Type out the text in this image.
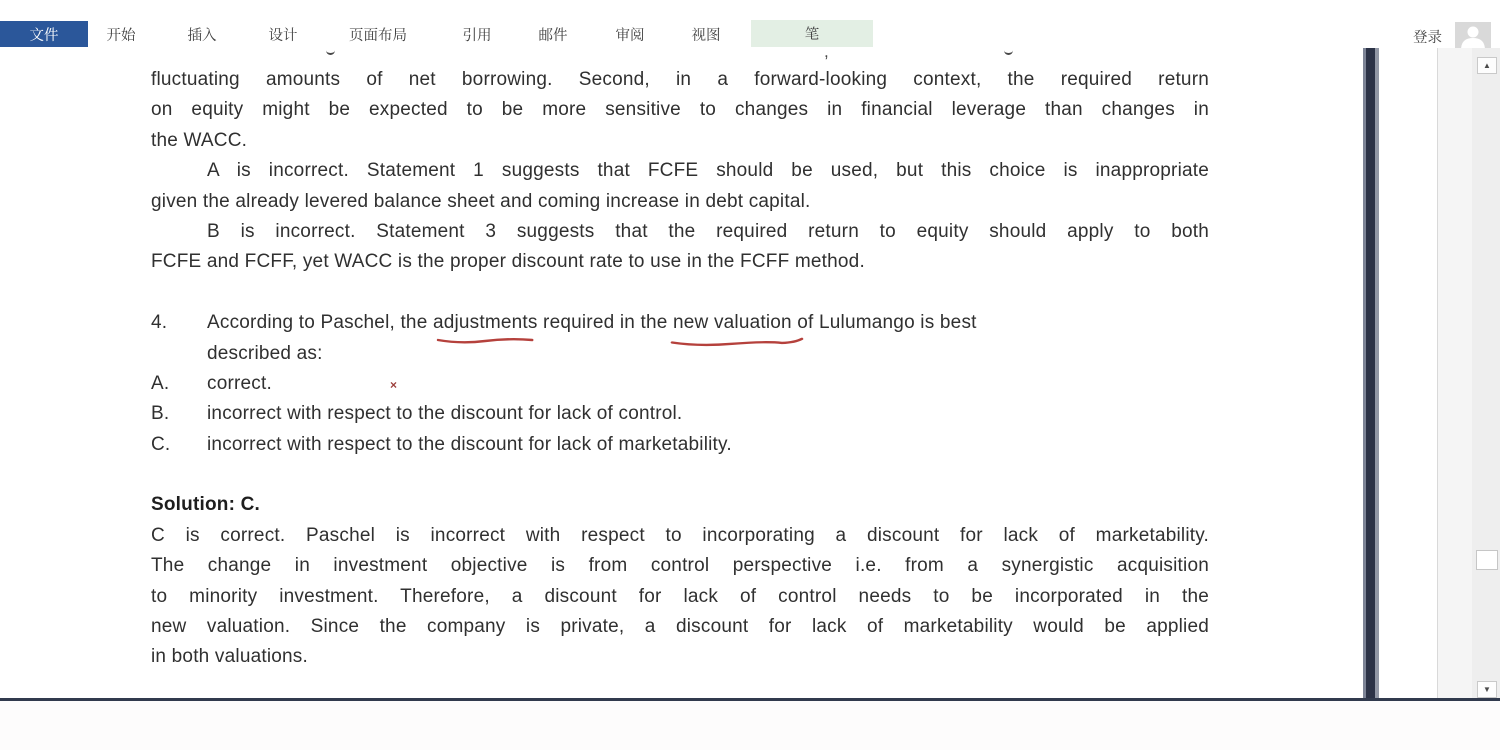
文件	开始	插入	设计	页面布局	引用	邮件	审阅	视图	笔	登录
,
fluctuating amounts of net borrowing. Second, in a forward-looking context, the required return
on equity might be expected to be more sensitive to changes in financial leverage than changes in
the WACC.
A is incorrect. Statement 1 suggests that FCFE should be used, but this choice is inappropriate
given the already levered balance sheet and coming increase in debt capital.
B is incorrect. Statement 3 suggests that the required return to equity should apply to both
FCFE and FCFF, yet WACC is the proper discount rate to use in the FCFF method.
4. According to Paschel, the adjustments
required in the new valuation
of Lulumango is best
described as:
A. correct.	×
B. incorrect with respect to the discount for lack of control.
C. incorrect with respect to the discount for lack of marketability.
Solution: C.
C is correct. Paschel is incorrect with respect to incorporating a discount for lack of marketability.
The change in investment objective is from control perspective i.e. from a synergistic acquisition
to minority investment. Therefore, a discount for lack of control needs to be incorporated in the
new valuation. Since the company is private, a discount for lack of marketability would be applied
in both valuations.
▲
▼
